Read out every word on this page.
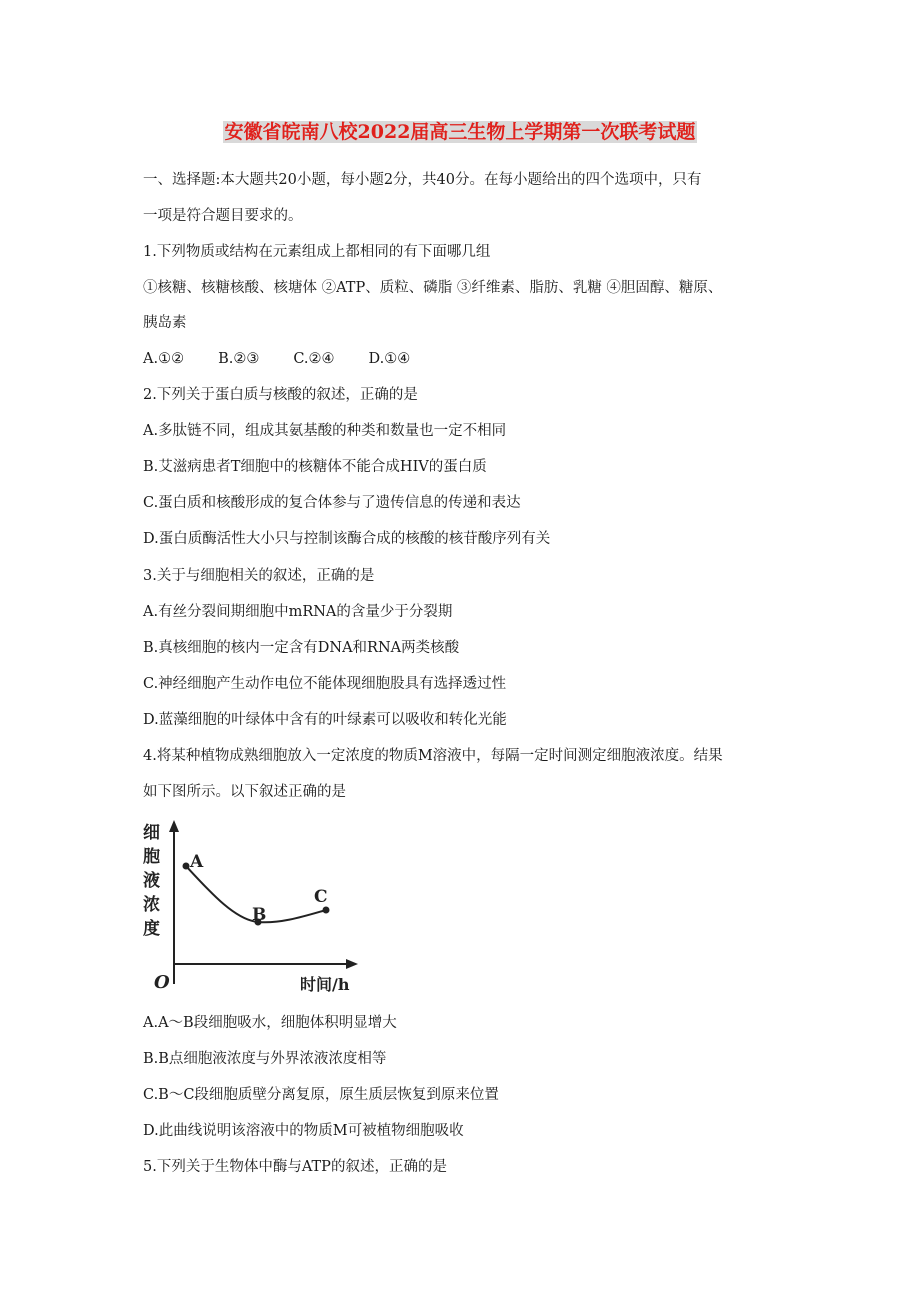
安徽省皖南八校2022届高三生物上学期第一次联考试题
一、选择题:本大题共20小题，每小题2分，共40分。在每小题给出的四个选项中，只有
一项是符合题目要求的。
1.下列物质或结构在元素组成上都相同的有下面哪几组
①核糖、核糖核酸、核塘体 ②ATP、质粒、磷脂 ③纤维素、脂肪、乳糖 ④胆固醇、糖原、
胰岛素
A.①② B.②③ C.②④ D.①④
2.下列关于蛋白质与核酸的叙述，正确的是
A.多肽链不同，组成其氨基酸的种类和数量也一定不相同
B.艾滋病患者T细胞中的核糖体不能合成HIV的蛋白质
C.蛋白质和核酸形成的复合体参与了遗传信息的传递和表达
D.蛋白质酶活性大小只与控制该酶合成的核酸的核苷酸序列有关
3.关于与细胞相关的叙述，正确的是
A.有丝分裂间期细胞中mRNA的含量少于分裂期
B.真核细胞的核内一定含有DNA和RNA两类核酸
C.神经细胞产生动作电位不能体现细胞股具有选择透过性
D.蓝藻细胞的叶绿体中含有的叶绿素可以吸收和转化光能
4.将某种植物成熟细胞放入一定浓度的物质M溶液中，每隔一定时间测定细胞液浓度。结果
如下图所示。以下叙述正确的是
A
B
C
细
胞
液
浓
度
O	时间/h
A.A～B段细胞吸水，细胞体积明显增大
B.B点细胞液浓度与外界浓液浓度相等
C.B～C段细胞质壁分离复原，原生质层恢复到原来位置
D.此曲线说明该溶液中的物质M可被植物细胞吸收
5.下列关于生物体中酶与ATP的叙述，正确的是
